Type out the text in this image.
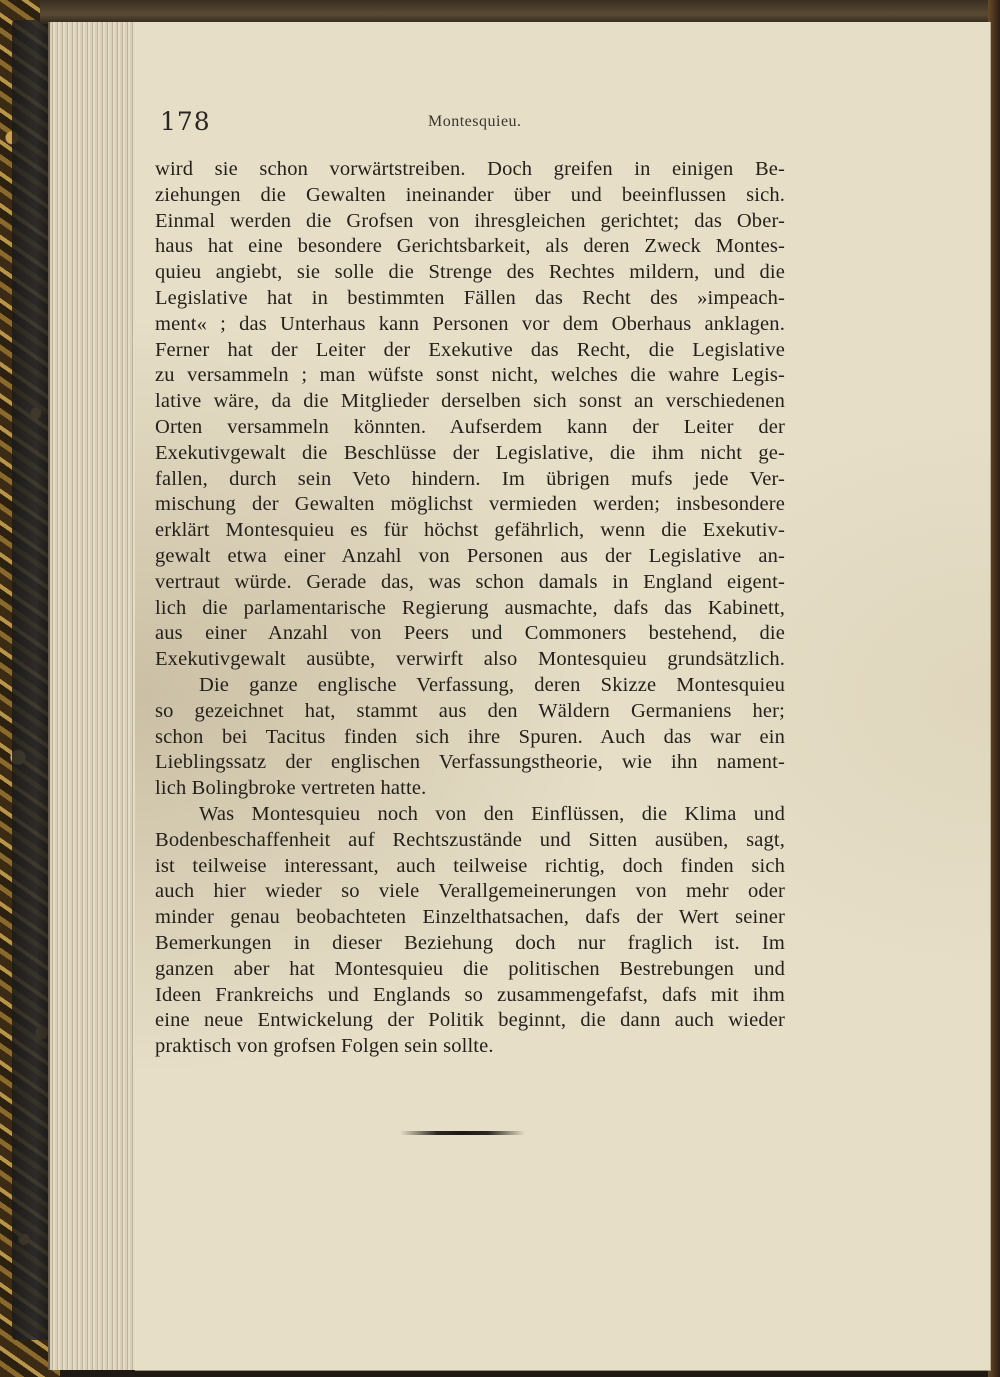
178	Montesquieu.
wird sie schon vorwärtstreiben. Doch greifen in einigen Be-
ziehungen die Gewalten ineinander über und beeinflussen sich.
Einmal werden die Grofsen von ihresgleichen gerichtet; das Ober-
haus hat eine besondere Gerichtsbarkeit, als deren Zweck Montes-
quieu angiebt, sie solle die Strenge des Rechtes mildern, und die
Legislative hat in bestimmten Fällen das Recht des »impeach-
ment« ; das Unterhaus kann Personen vor dem Oberhaus anklagen.
Ferner hat der Leiter der Exekutive das Recht, die Legislative
zu versammeln ; man wüfste sonst nicht, welches die wahre Legis-
lative wäre, da die Mitglieder derselben sich sonst an verschiedenen
Orten versammeln könnten. Aufserdem kann der Leiter der
Exekutivgewalt die Beschlüsse der Legislative, die ihm nicht ge-
fallen, durch sein Veto hindern. Im übrigen mufs jede Ver-
mischung der Gewalten möglichst vermieden werden; insbesondere
erklärt Montesquieu es für höchst gefährlich, wenn die Exekutiv-
gewalt etwa einer Anzahl von Personen aus der Legislative an-
vertraut würde. Gerade das, was schon damals in England eigent-
lich die parlamentarische Regierung ausmachte, dafs das Kabinett,
aus einer Anzahl von Peers und Commoners bestehend, die
Exekutivgewalt ausübte, verwirft also Montesquieu grundsätzlich.
Die ganze englische Verfassung, deren Skizze Montesquieu
so gezeichnet hat, stammt aus den Wäldern Germaniens her;
schon bei Tacitus finden sich ihre Spuren. Auch das war ein
Lieblingssatz der englischen Verfassungstheorie, wie ihn nament-
lich Bolingbroke vertreten hatte.
Was Montesquieu noch von den Einflüssen, die Klima und
Bodenbeschaffenheit auf Rechtszustände und Sitten ausüben, sagt,
ist teilweise interessant, auch teilweise richtig, doch finden sich
auch hier wieder so viele Verallgemeinerungen von mehr oder
minder genau beobachteten Einzelthatsachen, dafs der Wert seiner
Bemerkungen in dieser Beziehung doch nur fraglich ist. Im
ganzen aber hat Montesquieu die politischen Bestrebungen und
Ideen Frankreichs und Englands so zusammengefafst, dafs mit ihm
eine neue Entwickelung der Politik beginnt, die dann auch wieder
praktisch von grofsen Folgen sein sollte.
